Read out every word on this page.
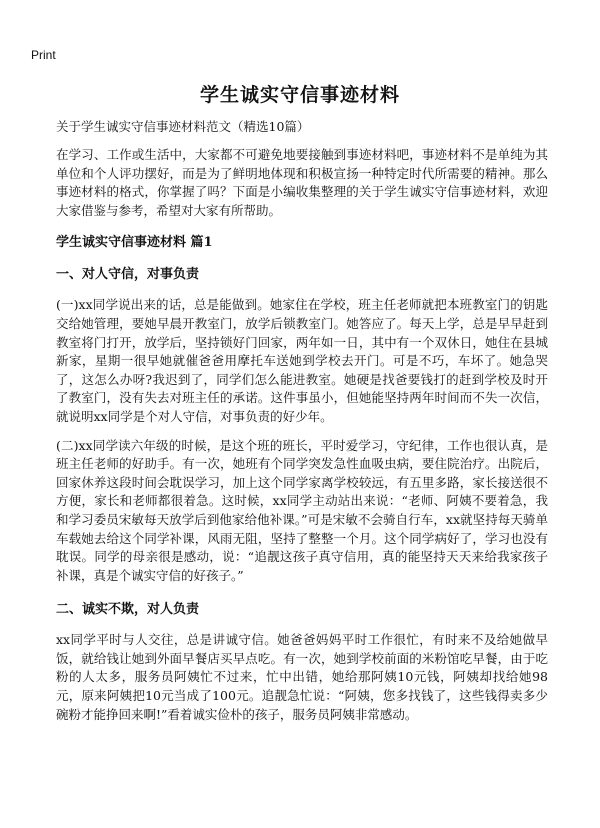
Print
学生诚实守信事迹材料
关于学生诚实守信事迹材料范文（精选10篇）

在学习、工作或生活中，大家都不可避免地要接触到事迹材料吧，事迹材料不是单纯为其单位和个人评功摆好，而是为了鲜明地体现和积极宣扬一种特定时代所需要的精神。那么事迹材料的格式，你掌握了吗？下面是小编收集整理的关于学生诚实守信事迹材料，欢迎大家借鉴与参考，希望对大家有所帮助。

学生诚实守信事迹材料 篇1
一、对人守信，对事负责

(一)xx同学说出来的话，总是能做到。她家住在学校，班主任老师就把本班教室门的钥匙交给她管理，要她早晨开教室门，放学后锁教室门。她答应了。每天上学，总是早早赶到教室将门打开，放学后，坚持锁好门回家，两年如一日，其中有一个双休日，她住在县城新家，星期一很早她就催爸爸用摩托车送她到学校去开门。可是不巧，车坏了。她急哭了，这怎么办呀?我迟到了，同学们怎么能进教室。她硬是找爸要钱打的赶到学校及时开了教室门，没有失去对班主任的承诺。这件事虽小，但她能坚持两年时间而不失一次信，就说明xx同学是个对人守信，对事负责的好少年。

(二)xx同学读六年级的时候，是这个班的班长，平时爱学习，守纪律，工作也很认真，是班主任老师的好助手。有一次，她班有个同学突发急性血吸虫病，要住院治疗。出院后，回家休养这段时间会耽误学习，加上这个同学家离学校较远，有五里多路，家长接送很不方便，家长和老师都很着急。这时候，xx同学主动站出来说：“老师、阿姨不要着急，我和学习委员宋敏每天放学后到他家给他补课。”可是宋敏不会骑自行车，xx就坚持每天骑单车载她去给这个同学补课，风雨无阻，坚持了整整一个月。这个同学病好了，学习也没有耽误。同学的母亲很是感动，说：“追靓这孩子真守信用，真的能坚持天天来给我家孩子补课，真是个诚实守信的好孩子。”

二、诚实不欺，对人负责

xx同学平时与人交往，总是讲诚守信。她爸爸妈妈平时工作很忙，有时来不及给她做早饭，就给钱让她到外面早餐店买早点吃。有一次，她到学校前面的米粉馆吃早餐，由于吃粉的人太多，服务员阿姨忙不过来，忙中出错，她给那阿姨10元钱，阿姨却找给她98元，原来阿姨把10元当成了100元。追靓急忙说：“阿姨，您多找钱了，这些钱得卖多少碗粉才能挣回来啊!”看着诚实俭朴的孩子，服务员阿姨非常感动。
